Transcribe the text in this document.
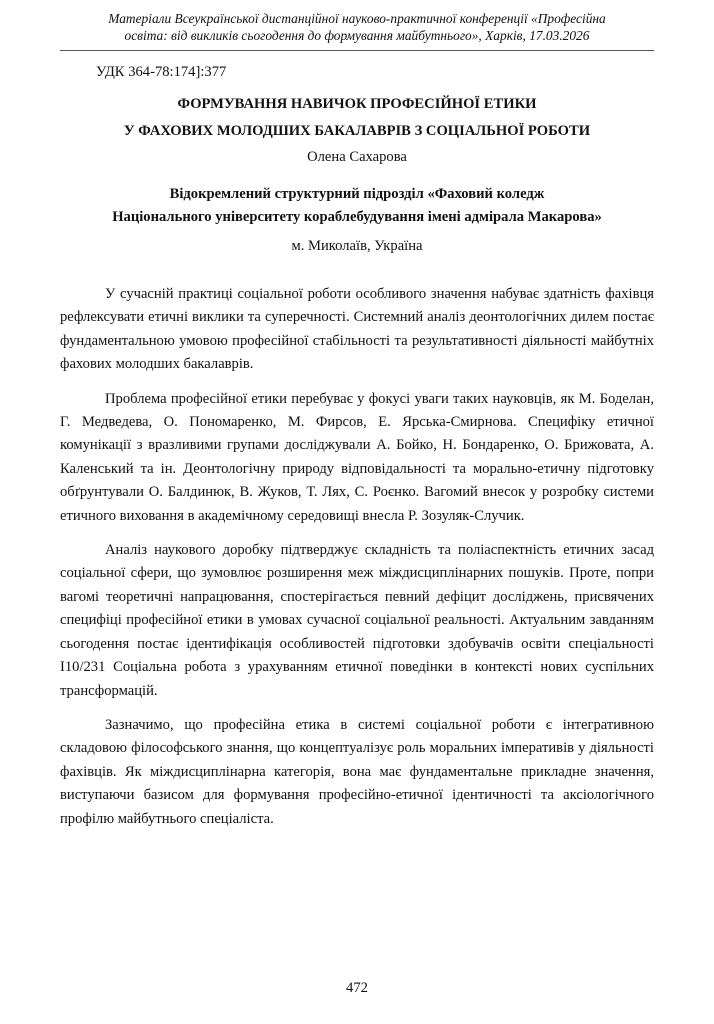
Матеріали Всеукраїнської дистанційної науково-практичної конференції «Професійна
освіта: від викликів сьогодення до формування майбутнього», Харків, 17.03.2026
УДК 364-78:174]:377
ФОРМУВАННЯ НАВИЧОК ПРОФЕСІЙНОЇ ЕТИКИ
У ФАХОВИХ МОЛОДШИХ БАКАЛАВРІВ З СОЦІАЛЬНОЇ РОБОТИ
Олена Сахарова
Відокремлений структурний підрозділ «Фаховий коледж
Національного університету кораблебудування імені адмірала Макарова»
м. Миколаїв, Україна

У сучасній практиці соціальної роботи особливого значення набуває здатність фахівця рефлексувати етичні виклики та суперечності. Системний аналіз деонтологічних дилем постає фундаментальною умовою професійної стабільності та результативності діяльності майбутніх фахових молодших бакалаврів.

Проблема професійної етики перебуває у фокусі уваги таких науковців, як М. Боделан, Г. Медведева, О. Пономаренко, М. Фирсов, Е. Ярська-Смирнова. Специфіку етичної комунікації з вразливими групами досліджували А. Бойко, Н. Бондаренко, О. Брижовата, А. Каленський та ін. Деонтологічну природу відповідальності та морально-етичну підготовку обґрунтували О. Балдинюк, В. Жуков, Т. Лях, С. Роєнко. Вагомий внесок у розробку системи етичного виховання в академічному середовищі внесла Р. Зозуляк-Случик.

Аналіз наукового доробку підтверджує складність та поліаспектність етичних засад соціальної сфери, що зумовлює розширення меж міждисциплінарних пошуків. Проте, попри вагомі теоретичні напрацювання, спостерігається певний дефіцит досліджень, присвячених специфіці професійної етики в умовах сучасної соціальної реальності. Актуальним завданням сьогодення постає ідентифікація особливостей підготовки здобувачів освіти спеціальності І10/231 Соціальна робота з урахуванням етичної поведінки в контексті нових суспільних трансформацій.

Зазначимо, що професійна етика в системі соціальної роботи є інтегративною складовою філософського знання, що концептуалізує роль моральних імперативів у діяльності фахівців. Як міждисциплінарна категорія, вона має фундаментальне прикладне значення, виступаючи базисом для формування професійно-етичної ідентичності та аксіологічного профілю майбутнього спеціаліста.

472
